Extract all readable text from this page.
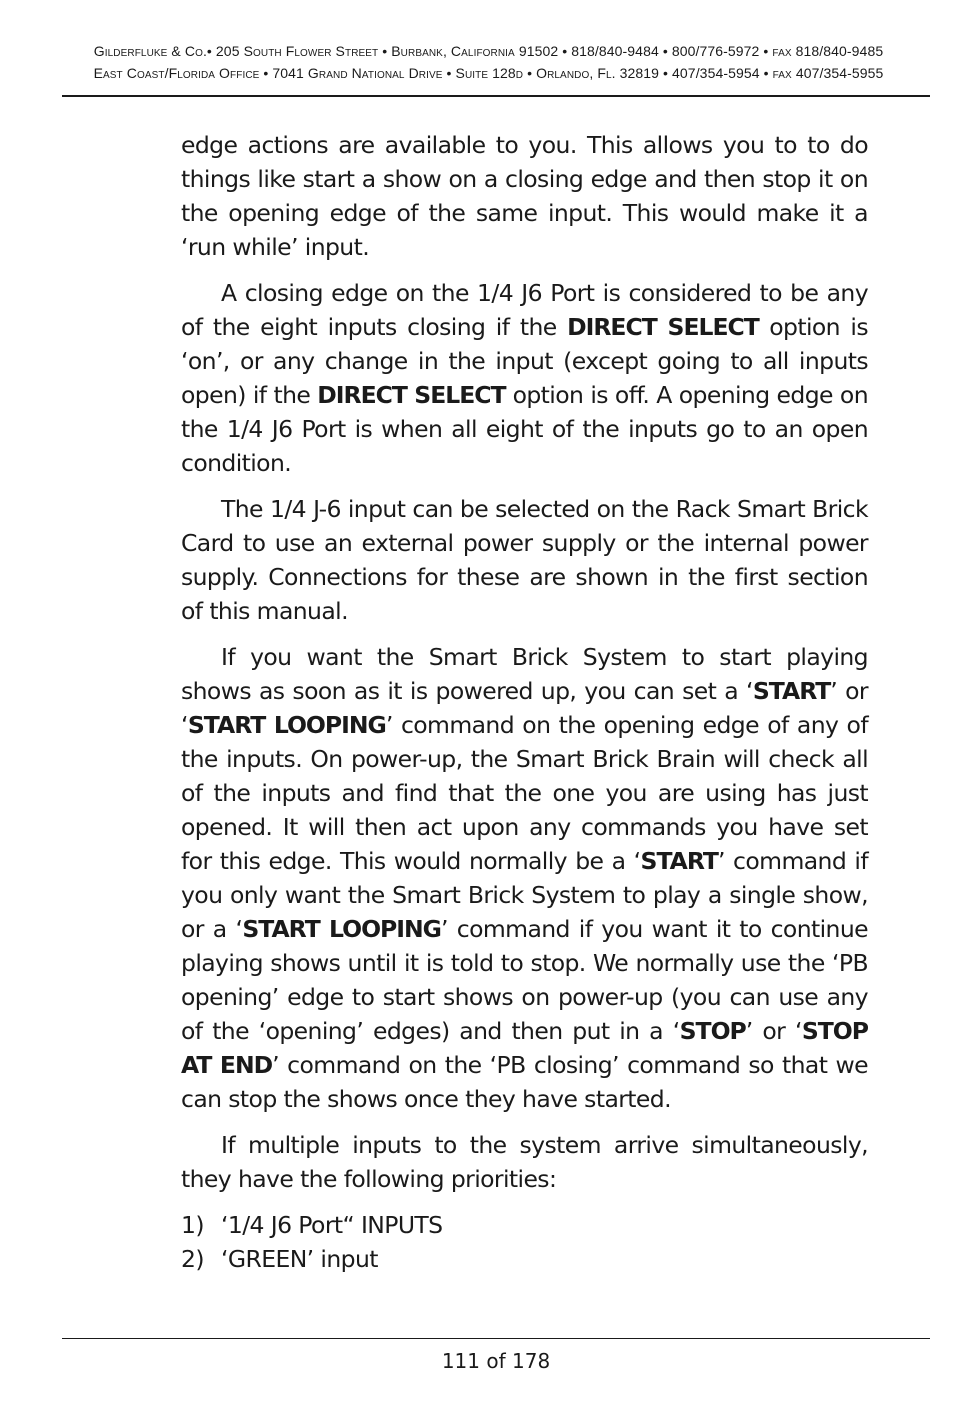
Gilderfluke & Co.• 205 South Flower Street • Burbank, California 91502 • 818/840-9484 • 800/776-5972 • fax 818/840-9485
East Coast/Florida Office • 7041 Grand National Drive • Suite 128d • Orlando, Fl. 32819 • 407/354-5954 • fax 407/354-5955

edge actions are available to you. This allows you to to do things like start a show on a closing edge and then stop it on the opening edge of the same input. This would make it a ‘run while’ input.

A closing edge on the 1/4 J6 Port is considered to be any of the eight inputs closing if the DIRECT SELECT option is ‘on’, or any change in the input (except going to all inputs open) if the DIRECT SELECT option is off. A opening edge on the 1/4 J6 Port is when all eight of the inputs go to an open condition.

The 1/4 J-6 input can be selected on the Rack Smart Brick Card to use an external power supply or the internal power supply. Connections for these are shown in the first section of this manual.

If you want the Smart Brick System to start playing shows as soon as it is powered up, you can set a ‘START’ or ‘START LOOPING’ command on the opening edge of any of the inputs. On power-up, the Smart Brick Brain will check all of the inputs and find that the one you are using has just opened. It will then act upon any commands you have set for this edge. This would normally be a ‘START’ command if you only want the Smart Brick System to play a single show, or a ‘START LOOPING’ command if you want it to continue playing shows until it is told to stop. We normally use the ‘PB opening’ edge to start shows on power-up (you can use any of the ‘opening’ edges) and then put in a ‘STOP’ or ‘STOP AT END’ command on the ‘PB closing’ command so that we can stop the shows once they have started.

If multiple inputs to the system arrive simultaneously, they have the following priorities:

1) ‘1/4 J6 Port“ INPUTS
2) ‘GREEN’ input
111 of 178
